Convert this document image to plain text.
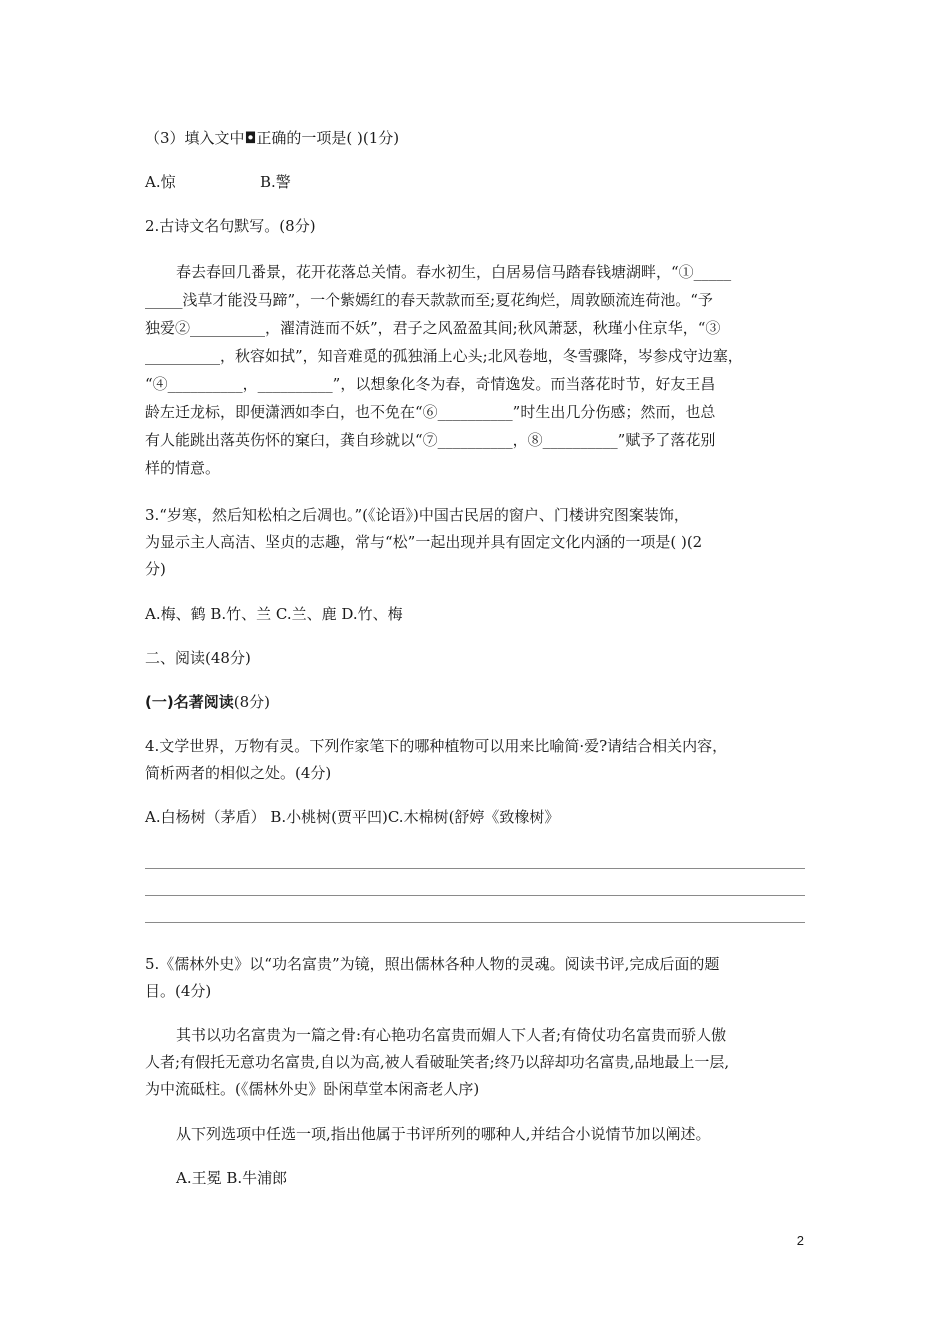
（3）填入文中◘正确的一项是( )(1分)
A.惊	B.警
2.古诗文名句默写。(8分)
春去春回几番景，花开花落总关情。春水初生，白居易信马踏春钱塘湖畔，“①_____
_____浅草才能没马蹄”，一个紫嫣红的春天款款而至;夏花绚烂，周敦颐流连荷池。“予
独爱②__________，濯清涟而不妖”，君子之风盈盈其间;秋风萧瑟，秋瑾小住京华，“③
__________，秋容如拭”，知音难觅的孤独涌上心头;北风卷地，冬雪骤降，岑参戍守边塞，
“④__________，__________”，以想象化冬为春，奇情逸发。而当落花时节，好友王昌
龄左迁龙标，即便潇洒如李白，也不免在“⑥__________”时生出几分伤感；然而，也总
有人能跳出落英伤怀的窠臼，龚自珍就以“⑦__________，⑧__________”赋予了落花别
样的情意。
3.“岁寒，然后知松柏之后凋也。”(《论语》)中国古民居的窗户、门楼讲究图案装饰，
为显示主人高洁、坚贞的志趣，常与“松”一起出现并具有固定文化内涵的一项是( )(2
分)
A.梅、鹤 B.竹、兰 C.兰、鹿 D.竹、梅
二、阅读(48分)
(一)名著阅读(8分)
4.文学世界，万物有灵。下列作家笔下的哪种植物可以用来比喻简·爱?请结合相关内容，
简析两者的相似之处。(4分)
A.白杨树（茅盾） B.小桃树(贾平凹)C.木棉树(舒婷《致橡树》
5.《儒林外史》以“功名富贵”为镜，照出儒林各种人物的灵魂。阅读书评,完成后面的题
目。(4分)
其书以功名富贵为一篇之骨:有心艳功名富贵而媚人下人者;有倚仗功名富贵而骄人傲
人者;有假托无意功名富贵,自以为高,被人看破耻笑者;终乃以辞却功名富贵,品地最上一层,
为中流砥柱。(《儒林外史》卧闲草堂本闲斋老人序)
从下列选项中任选一项,指出他属于书评所列的哪种人,并结合小说情节加以阐述。
A.王冕 B.牛浦郎
2
